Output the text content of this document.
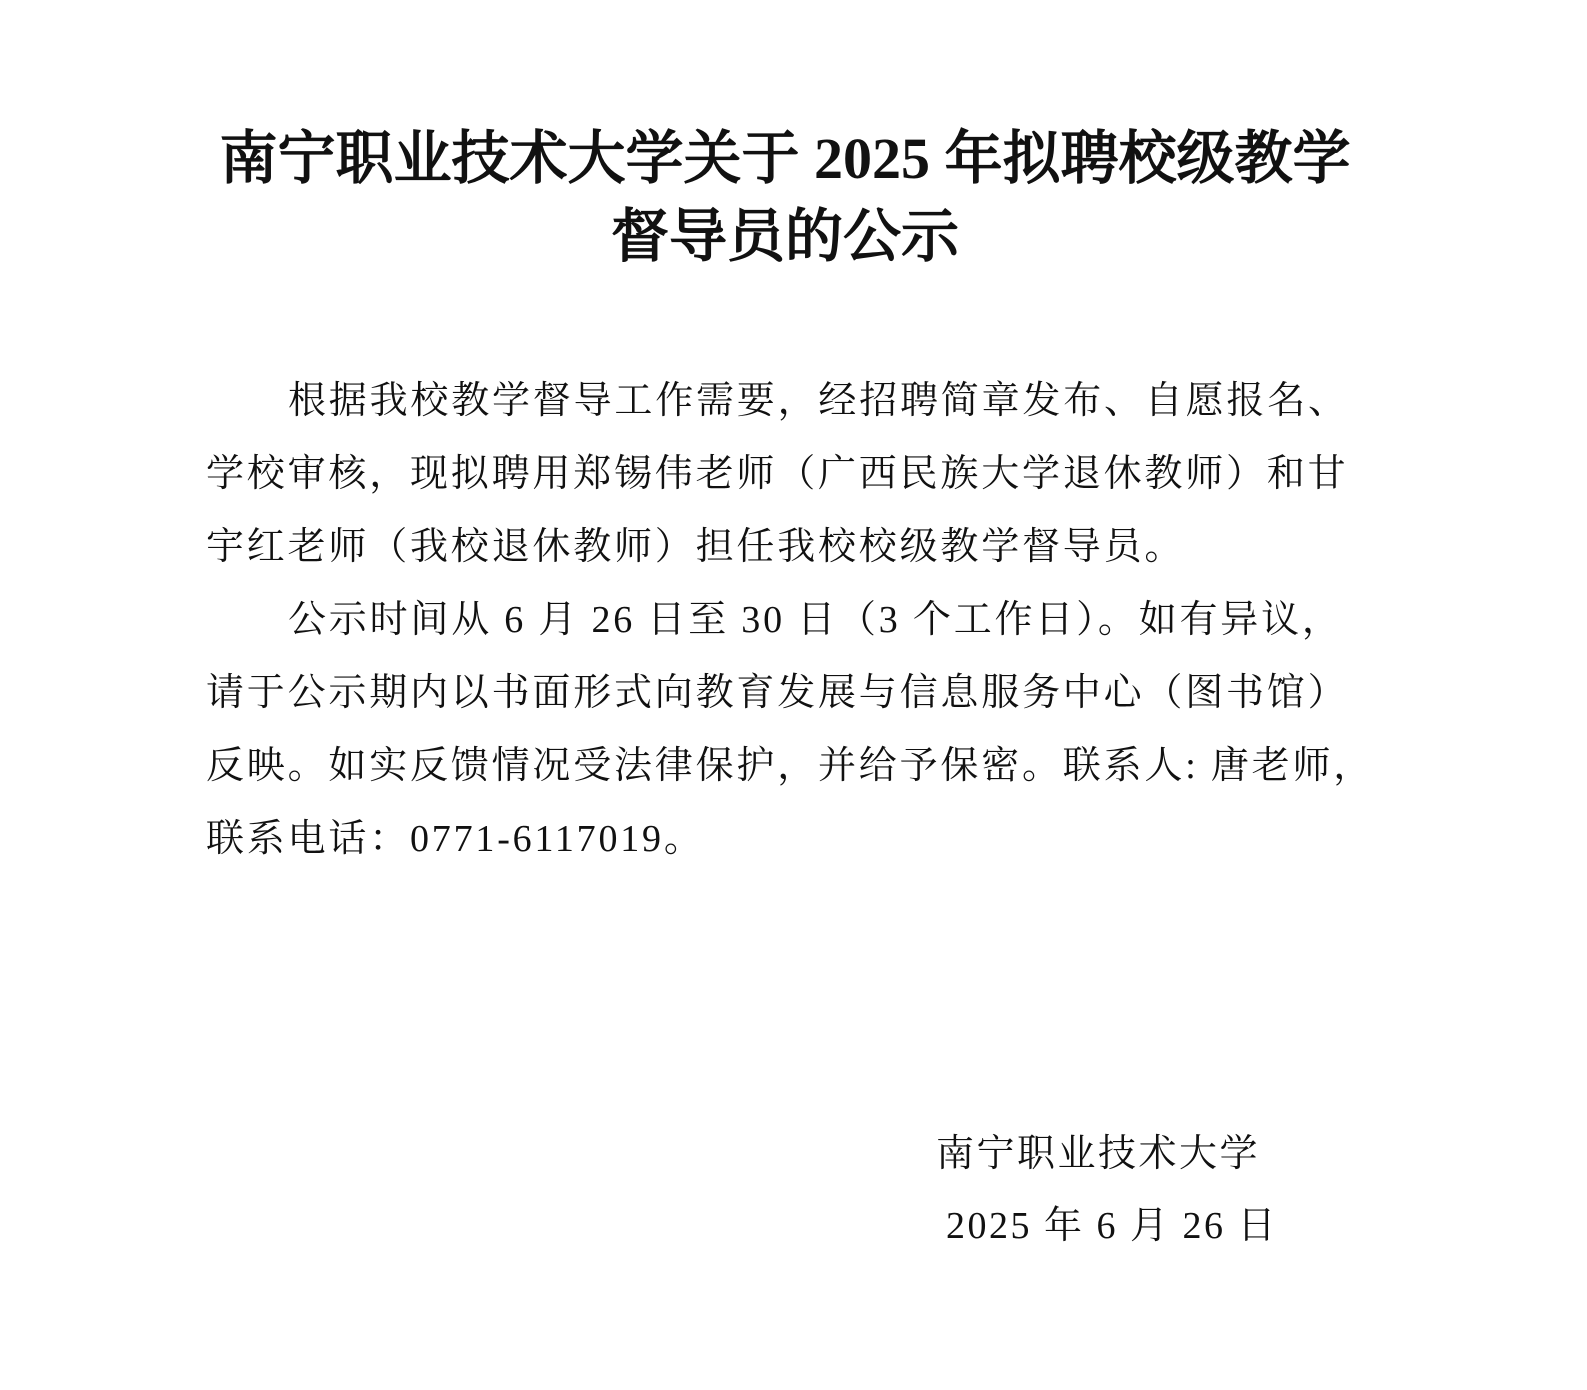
南宁职业技术大学关于 2025 年拟聘校级教学
督导员的公示

根据我校教学督导工作需要，经招聘简章发布、自愿报名、
学校审核，现拟聘用郑锡伟老师（广西民族大学退休教师）和甘
宇红老师（我校退休教师）担任我校校级教学督导员。

公示时间从 6 月 26 日至 30 日（3 个工作日）。如有异议，
请于公示期内以书面形式向教育发展与信息服务中心（图书馆）
反映。如实反馈情况受法律保护，并给予保密。联系人: 唐老师，
联系电话：0771-6117019。

南宁职业技术大学
2025 年 6 月 26 日
